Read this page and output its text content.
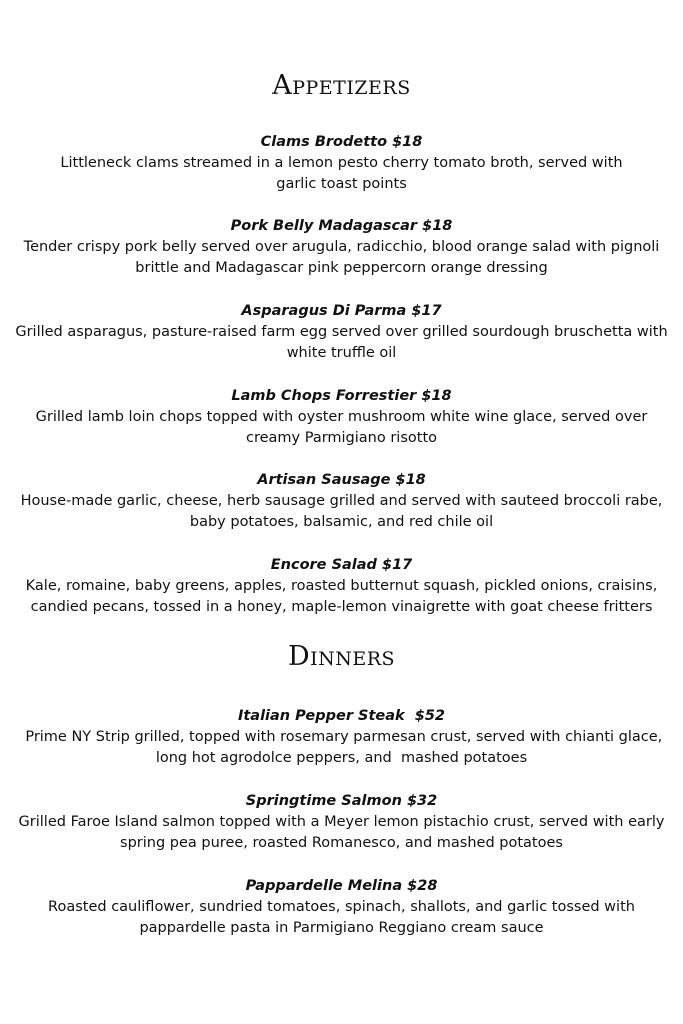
Appetizers
Clams Brodetto $18
Littleneck clams streamed in a lemon pesto cherry tomato broth, served with
garlic toast points
Pork Belly Madagascar $18
Tender crispy pork belly served over arugula, radicchio, blood orange salad with pignoli
brittle and Madagascar pink peppercorn orange dressing
Asparagus Di Parma $17
Grilled asparagus, pasture-raised farm egg served over grilled sourdough bruschetta with
white truffle oil
Lamb Chops Forrestier $18
Grilled lamb loin chops topped with oyster mushroom white wine glace, served over
creamy Parmigiano risotto
Artisan Sausage $18
House-made garlic, cheese, herb sausage grilled and served with sauteed broccoli rabe,
baby potatoes, balsamic, and red chile oil
Encore Salad $17
Kale, romaine, baby greens, apples, roasted butternut squash, pickled onions, craisins,
candied pecans, tossed in a honey, maple-lemon vinaigrette with goat cheese fritters
Dinners
Italian Pepper Steak  $52
Prime NY Strip grilled, topped with rosemary parmesan crust, served with chianti glace,
long hot agrodolce peppers, and  mashed potatoes
Springtime Salmon $32
Grilled Faroe Island salmon topped with a Meyer lemon pistachio crust, served with early
spring pea puree, roasted Romanesco, and mashed potatoes
Pappardelle Melina $28
Roasted cauliflower, sundried tomatoes, spinach, shallots, and garlic tossed with
pappardelle pasta in Parmigiano Reggiano cream sauce
